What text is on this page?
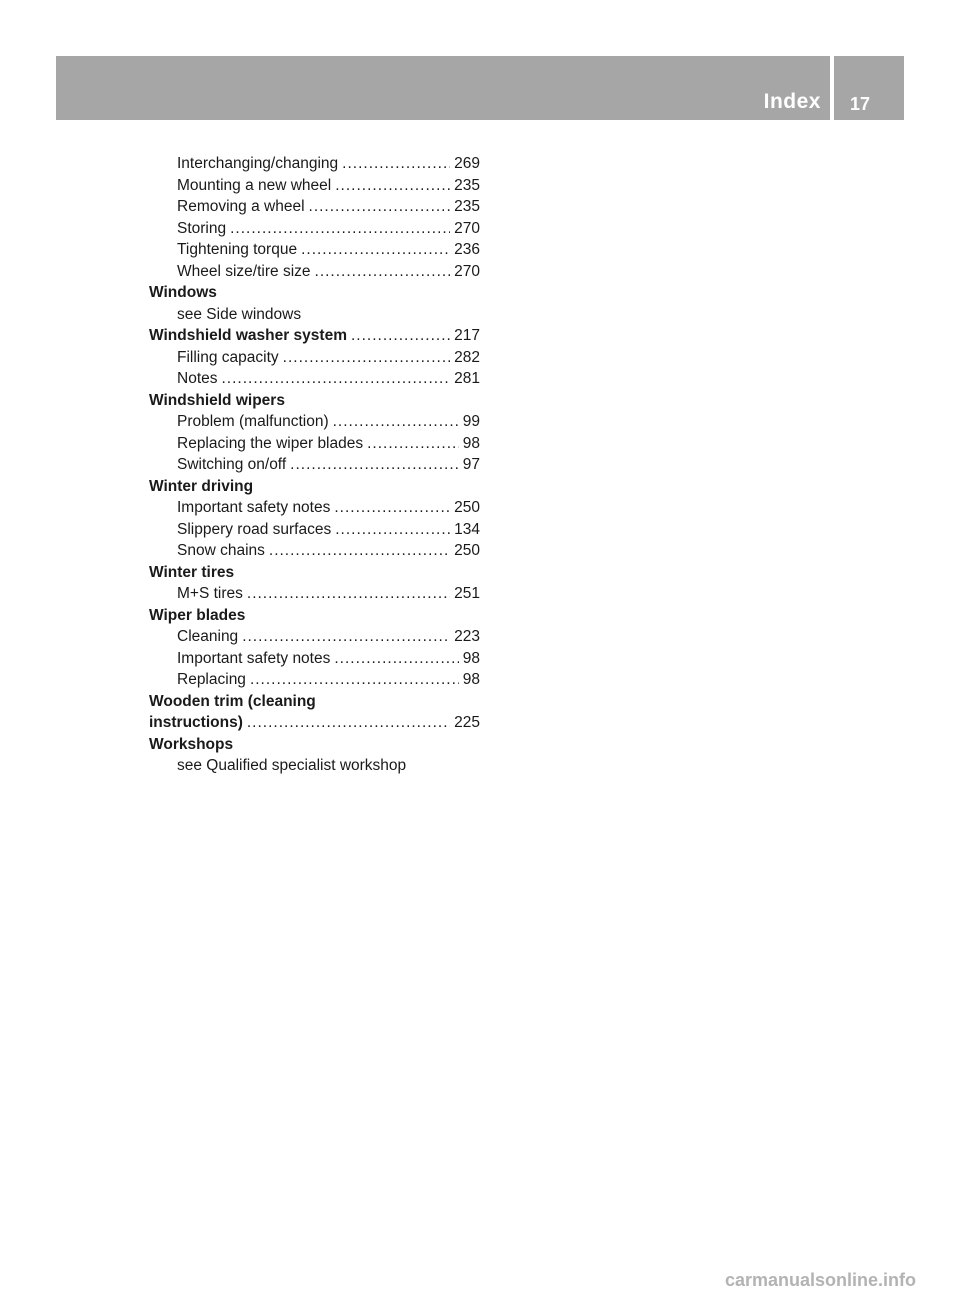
Index 17
Interchanging/changing .....	269
Mounting a new wheel .....	235
Removing a wheel .....	235
Storing .....	270
Tightening torque .....	236
Wheel size/tire size .....	270
Windows
see Side windows
Windshield washer system .....	217
Filling capacity .....	282
Notes .....	281
Windshield wipers
Problem (malfunction) .....	99
Replacing the wiper blades .....	98
Switching on/off .....	97
Winter driving
Important safety notes .....	250
Slippery road surfaces .....	134
Snow chains .....	250
Winter tires
M+S tires .....	251
Wiper blades
Cleaning .....	223
Important safety notes .....	98
Replacing .....	98
Wooden trim (cleaning
instructions) .....	225
Workshops
see Qualified specialist workshop
carmanualsonline.info
